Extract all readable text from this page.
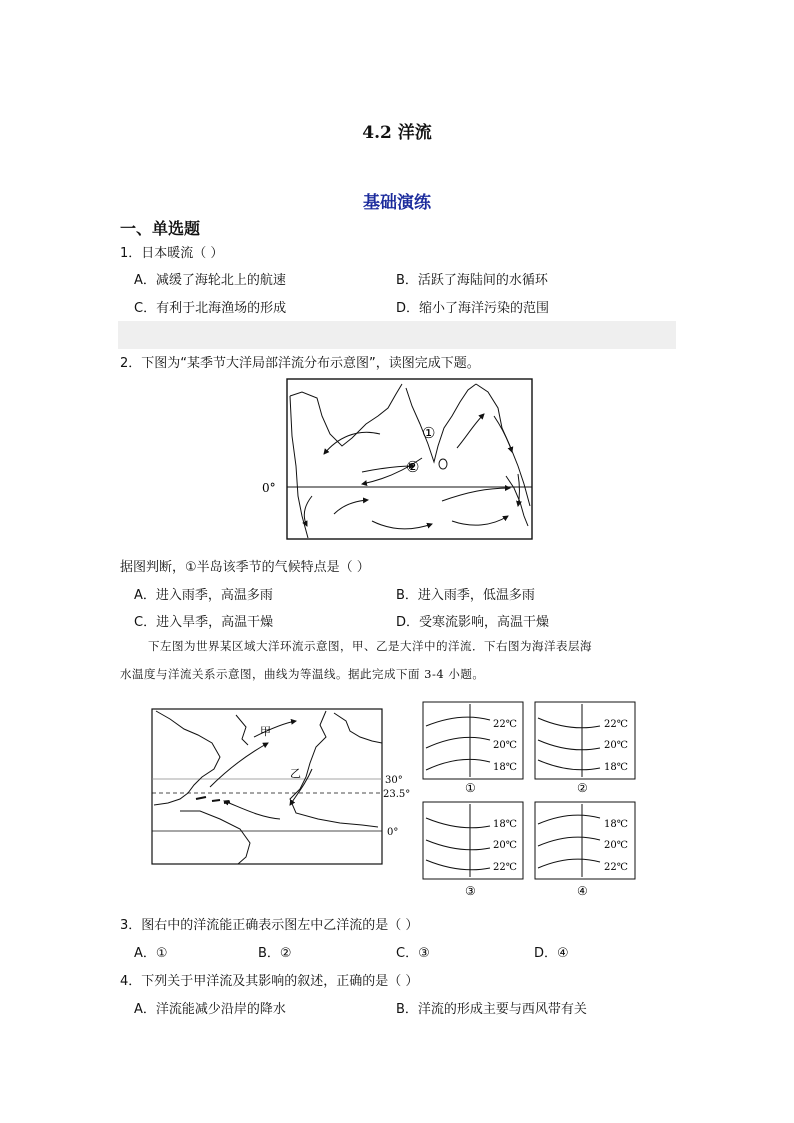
4.2 洋流
基础演练
一、单选题
1．日本暖流（ ）
A．减缓了海轮北上的航速	B．活跃了海陆间的水循环
C．有利于北海渔场的形成	D．缩小了海洋污染的范围
2．下图为“某季节大洋局部洋流分布示意图”，读图完成下题。
0°
①
②
据图判断，①半岛该季节的气候特点是（ ）
A．进入雨季，高温多雨	B．进入雨季，低温多雨
C．进入旱季，高温干燥	D．受寒流影响，高温干燥
下左图为世界某区域大洋环流示意图，甲、乙是大洋中的洋流．下右图为海洋表层海
水温度与洋流关系示意图，曲线为等温线。据此完成下面 3-4 小题。
甲
乙
30°
23.5°
0°
22℃
20℃
18℃
①
22℃
20℃
18℃
②
18℃
20℃
22℃
③
18℃
20℃
22℃
④
3．图右中的洋流能正确表示图左中乙洋流的是（ ）
A．①	B．②	C．③	D．④
4．下列关于甲洋流及其影响的叙述，正确的是（ ）
A．洋流能减少沿岸的降水	B．洋流的形成主要与西风带有关
